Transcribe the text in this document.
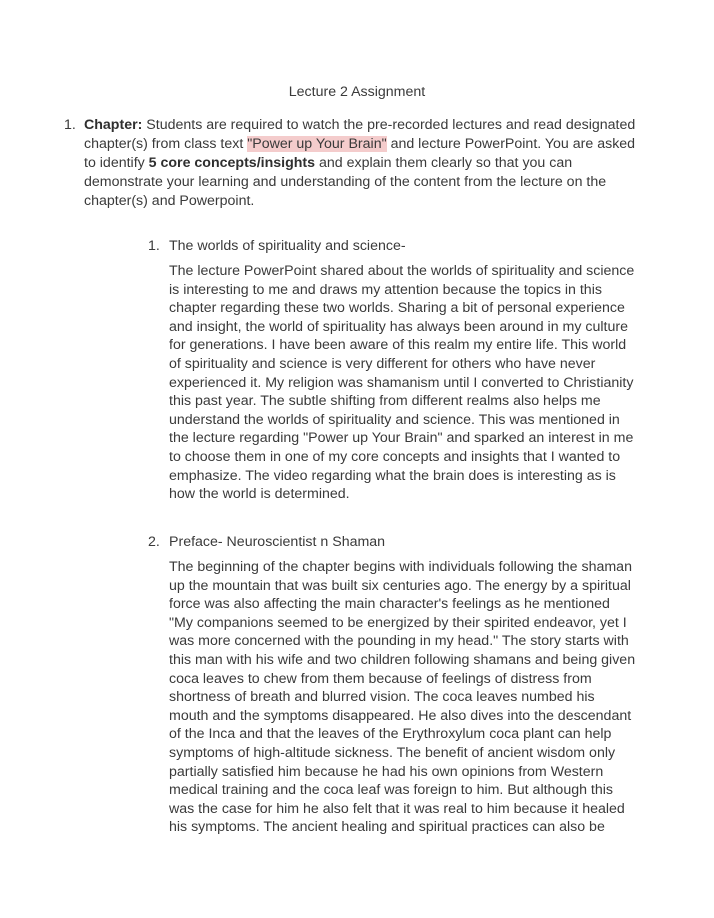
Lecture 2 Assignment
1. Chapter: Students are required to watch the pre-recorded lectures and read designated chapter(s) from class text "Power up Your Brain" and lecture PowerPoint. You are asked to identify 5 core concepts/insights and explain them clearly so that you can demonstrate your learning and understanding of the content from the lecture on the chapter(s) and Powerpoint.
1. The worlds of spirituality and science-
The lecture PowerPoint shared about the worlds of spirituality and science
is interesting to me and draws my attention because the topics in this
chapter regarding these two worlds. Sharing a bit of personal experience
and insight, the world of spirituality has always been around in my culture
for generations. I have been aware of this realm my entire life. This world
of spirituality and science is very different for others who have never
experienced it. My religion was shamanism until I converted to Christianity
this past year. The subtle shifting from different realms also helps me
understand the worlds of spirituality and science. This was mentioned in
the lecture regarding "Power up Your Brain" and sparked an interest in me
to choose them in one of my core concepts and insights that I wanted to
emphasize. The video regarding what the brain does is interesting as is
how the world is determined.
2. Preface- Neuroscientist n Shaman
The beginning of the chapter begins with individuals following the shaman
up the mountain that was built six centuries ago. The energy by a spiritual
force was also affecting the main character's feelings as he mentioned
"My companions seemed to be energized by their spirited endeavor, yet I
was more concerned with the pounding in my head." The story starts with
this man with his wife and two children following shamans and being given
coca leaves to chew from them because of feelings of distress from
shortness of breath and blurred vision. The coca leaves numbed his
mouth and the symptoms disappeared. He also dives into the descendant
of the Inca and that the leaves of the Erythroxylum coca plant can help
symptoms of high-altitude sickness. The benefit of ancient wisdom only
partially satisfied him because he had his own opinions from Western
medical training and the coca leaf was foreign to him. But although this
was the case for him he also felt that it was real to him because it healed
his symptoms. The ancient healing and spiritual practices can also be
